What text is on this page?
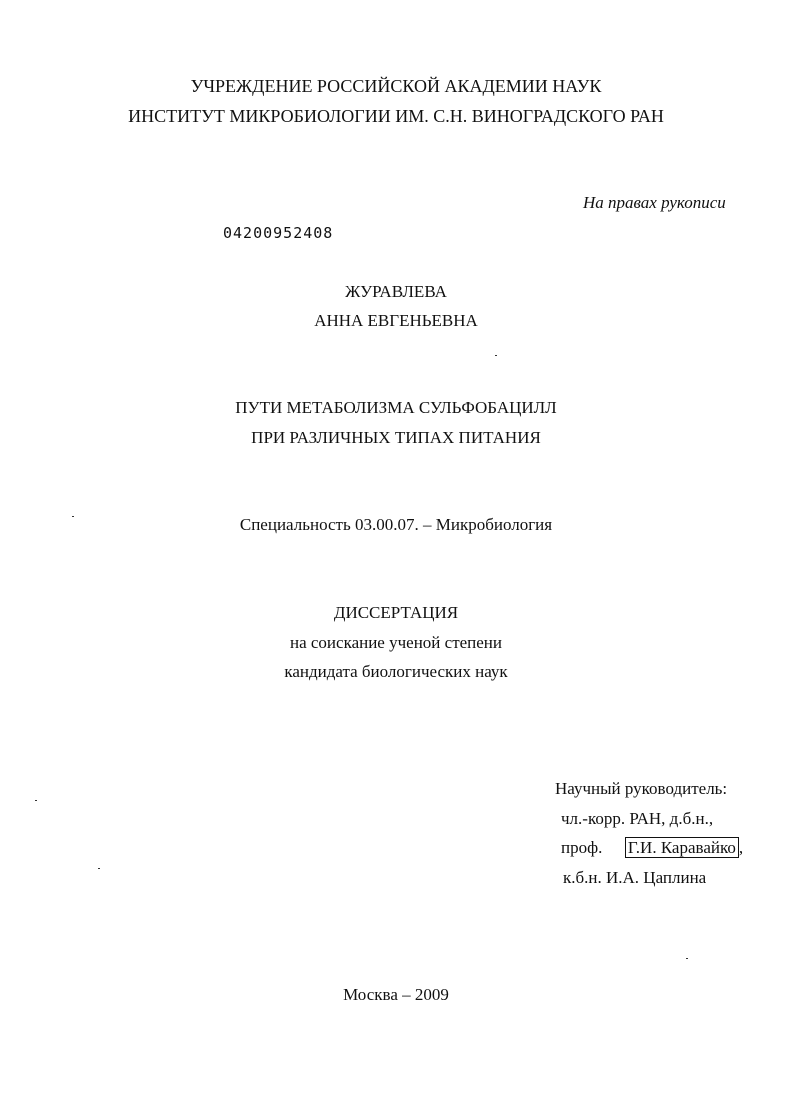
УЧРЕЖДЕНИЕ РОССИЙСКОЙ АКАДЕМИИ НАУК
ИНСТИТУТ МИКРОБИОЛОГИИ ИМ. С.Н. ВИНОГРАДСКОГО РАН
На правах рукописи
04200952408
ЖУРАВЛЕВА
АННА ЕВГЕНЬЕВНА
ПУТИ МЕТАБОЛИЗМА СУЛЬФОБАЦИЛЛ
ПРИ РАЗЛИЧНЫХ ТИПАХ ПИТАНИЯ
Специальность 03.00.07. – Микробиология
ДИССЕРТАЦИЯ
на соискание ученой степени
кандидата биологических наук
Научный руководитель:
чл.-корр. РАН, д.б.н.,
проф. Г.И. Каравайко ,
к.б.н. И.А. Цаплина
Москва – 2009
